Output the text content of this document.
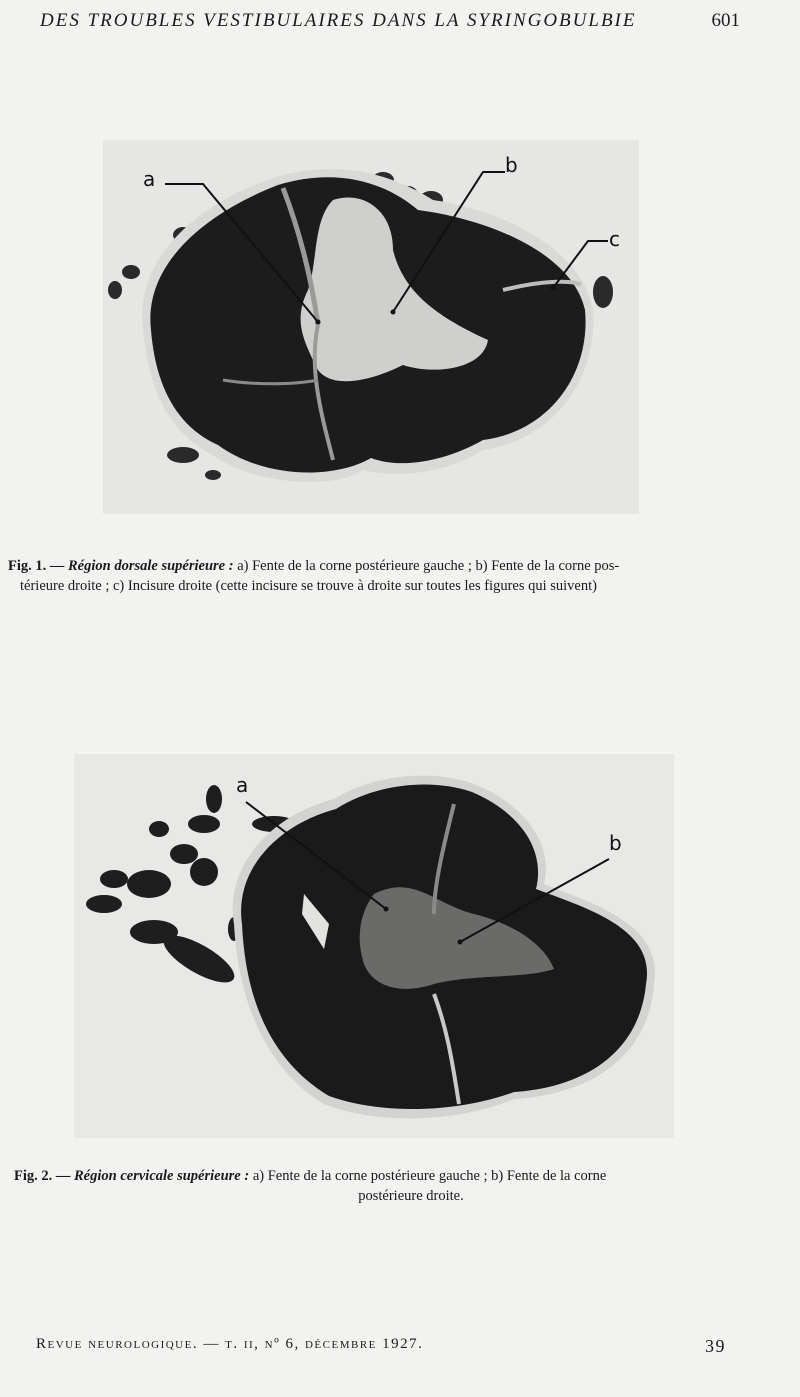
DES TROUBLES VESTIBULAIRES DANS LA SYRINGOBULBIE	601
a
b
c
Fig. 1. — Région dorsale supérieure : a) Fente de la corne postérieure gauche ; b) Fente de la corne pos-
térieure droite ; c) Incisure droite (cette incisure se trouve à droite sur toutes les figures qui suivent)
a
b
Fig. 2. — Région cervicale supérieure : a) Fente de la corne postérieure gauche ; b) Fente de la corne
postérieure droite.
Revue neurologique. — t. ii, nº 6, décembre 1927.	39
